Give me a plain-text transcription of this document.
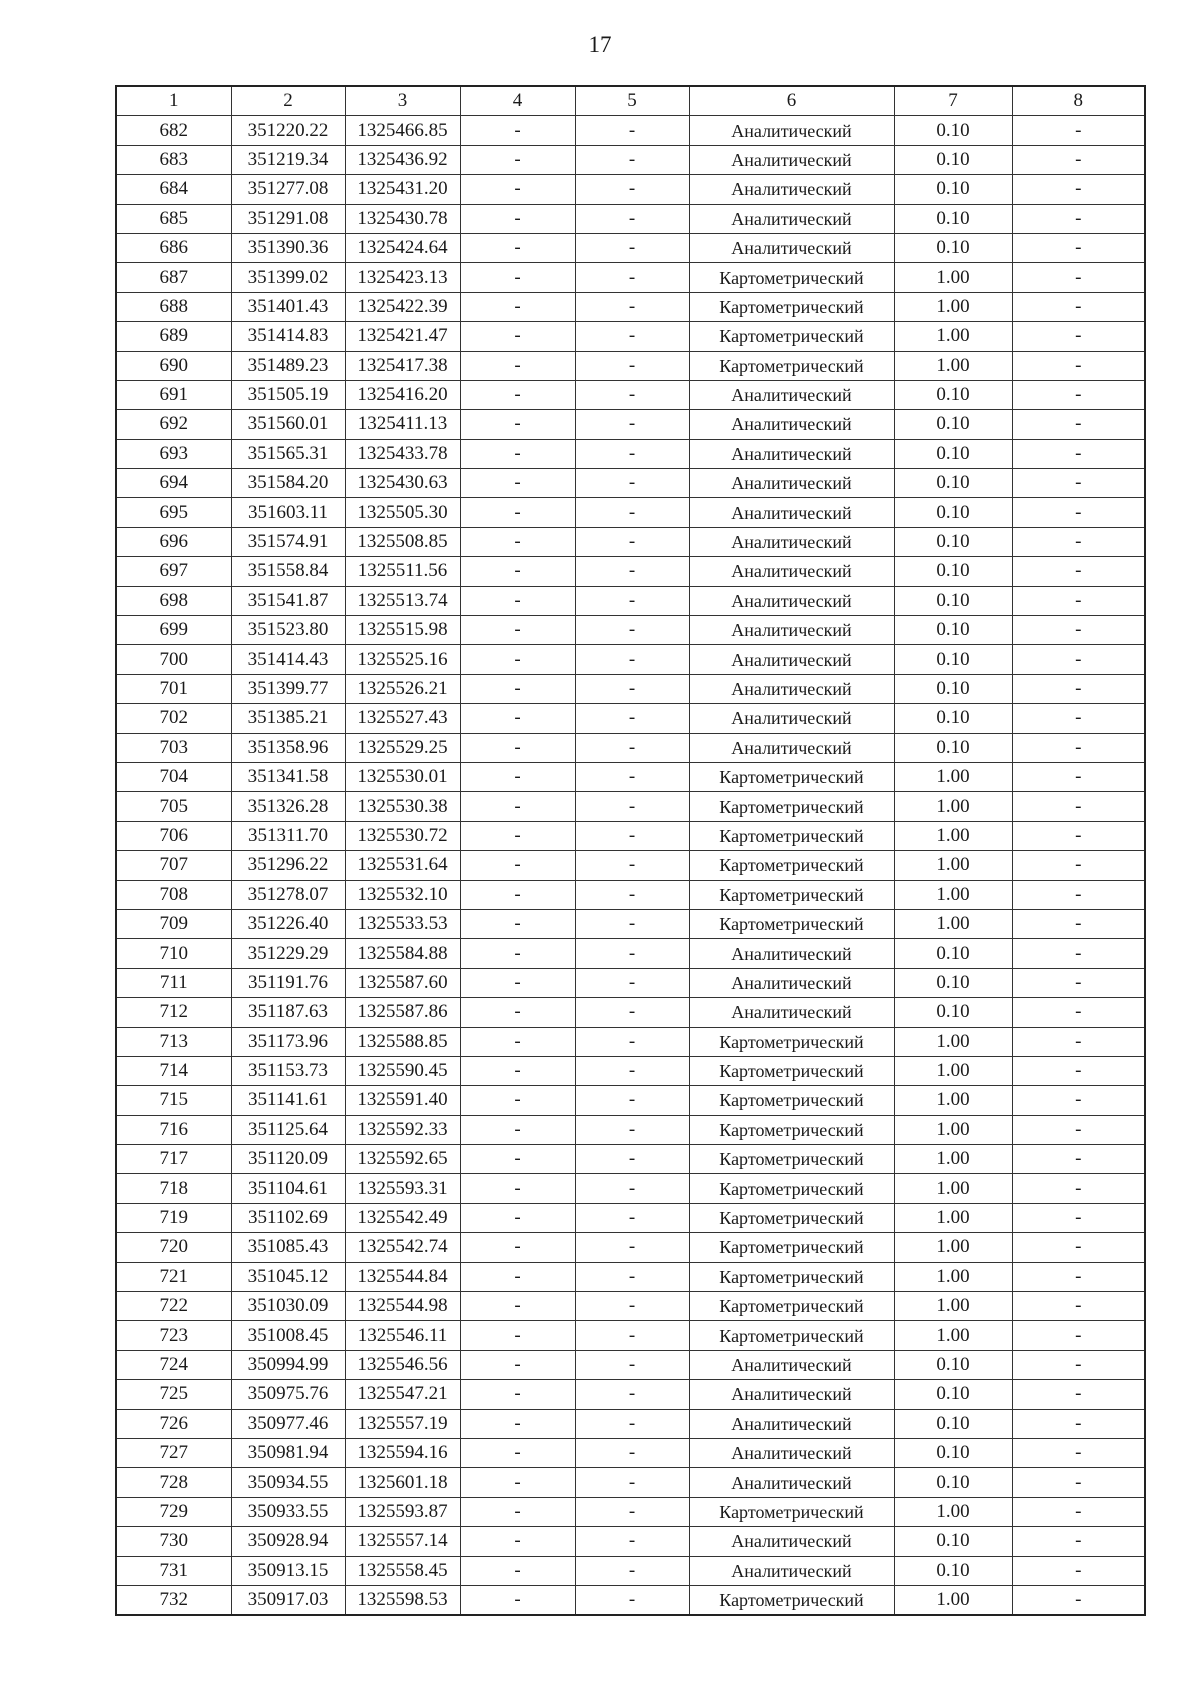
17
1	2	3	4	5	6	7	8
682	351220.22	1325466.85	-	-	Аналитический	0.10	-
683	351219.34	1325436.92	-	-	Аналитический	0.10	-
684	351277.08	1325431.20	-	-	Аналитический	0.10	-
685	351291.08	1325430.78	-	-	Аналитический	0.10	-
686	351390.36	1325424.64	-	-	Аналитический	0.10	-
687	351399.02	1325423.13	-	-	Картометрический	1.00	-
688	351401.43	1325422.39	-	-	Картометрический	1.00	-
689	351414.83	1325421.47	-	-	Картометрический	1.00	-
690	351489.23	1325417.38	-	-	Картометрический	1.00	-
691	351505.19	1325416.20	-	-	Аналитический	0.10	-
692	351560.01	1325411.13	-	-	Аналитический	0.10	-
693	351565.31	1325433.78	-	-	Аналитический	0.10	-
694	351584.20	1325430.63	-	-	Аналитический	0.10	-
695	351603.11	1325505.30	-	-	Аналитический	0.10	-
696	351574.91	1325508.85	-	-	Аналитический	0.10	-
697	351558.84	1325511.56	-	-	Аналитический	0.10	-
698	351541.87	1325513.74	-	-	Аналитический	0.10	-
699	351523.80	1325515.98	-	-	Аналитический	0.10	-
700	351414.43	1325525.16	-	-	Аналитический	0.10	-
701	351399.77	1325526.21	-	-	Аналитический	0.10	-
702	351385.21	1325527.43	-	-	Аналитический	0.10	-
703	351358.96	1325529.25	-	-	Аналитический	0.10	-
704	351341.58	1325530.01	-	-	Картометрический	1.00	-
705	351326.28	1325530.38	-	-	Картометрический	1.00	-
706	351311.70	1325530.72	-	-	Картометрический	1.00	-
707	351296.22	1325531.64	-	-	Картометрический	1.00	-
708	351278.07	1325532.10	-	-	Картометрический	1.00	-
709	351226.40	1325533.53	-	-	Картометрический	1.00	-
710	351229.29	1325584.88	-	-	Аналитический	0.10	-
711	351191.76	1325587.60	-	-	Аналитический	0.10	-
712	351187.63	1325587.86	-	-	Аналитический	0.10	-
713	351173.96	1325588.85	-	-	Картометрический	1.00	-
714	351153.73	1325590.45	-	-	Картометрический	1.00	-
715	351141.61	1325591.40	-	-	Картометрический	1.00	-
716	351125.64	1325592.33	-	-	Картометрический	1.00	-
717	351120.09	1325592.65	-	-	Картометрический	1.00	-
718	351104.61	1325593.31	-	-	Картометрический	1.00	-
719	351102.69	1325542.49	-	-	Картометрический	1.00	-
720	351085.43	1325542.74	-	-	Картометрический	1.00	-
721	351045.12	1325544.84	-	-	Картометрический	1.00	-
722	351030.09	1325544.98	-	-	Картометрический	1.00	-
723	351008.45	1325546.11	-	-	Картометрический	1.00	-
724	350994.99	1325546.56	-	-	Аналитический	0.10	-
725	350975.76	1325547.21	-	-	Аналитический	0.10	-
726	350977.46	1325557.19	-	-	Аналитический	0.10	-
727	350981.94	1325594.16	-	-	Аналитический	0.10	-
728	350934.55	1325601.18	-	-	Аналитический	0.10	-
729	350933.55	1325593.87	-	-	Картометрический	1.00	-
730	350928.94	1325557.14	-	-	Аналитический	0.10	-
731	350913.15	1325558.45	-	-	Аналитический	0.10	-
732	350917.03	1325598.53	-	-	Картометрический	1.00	-
